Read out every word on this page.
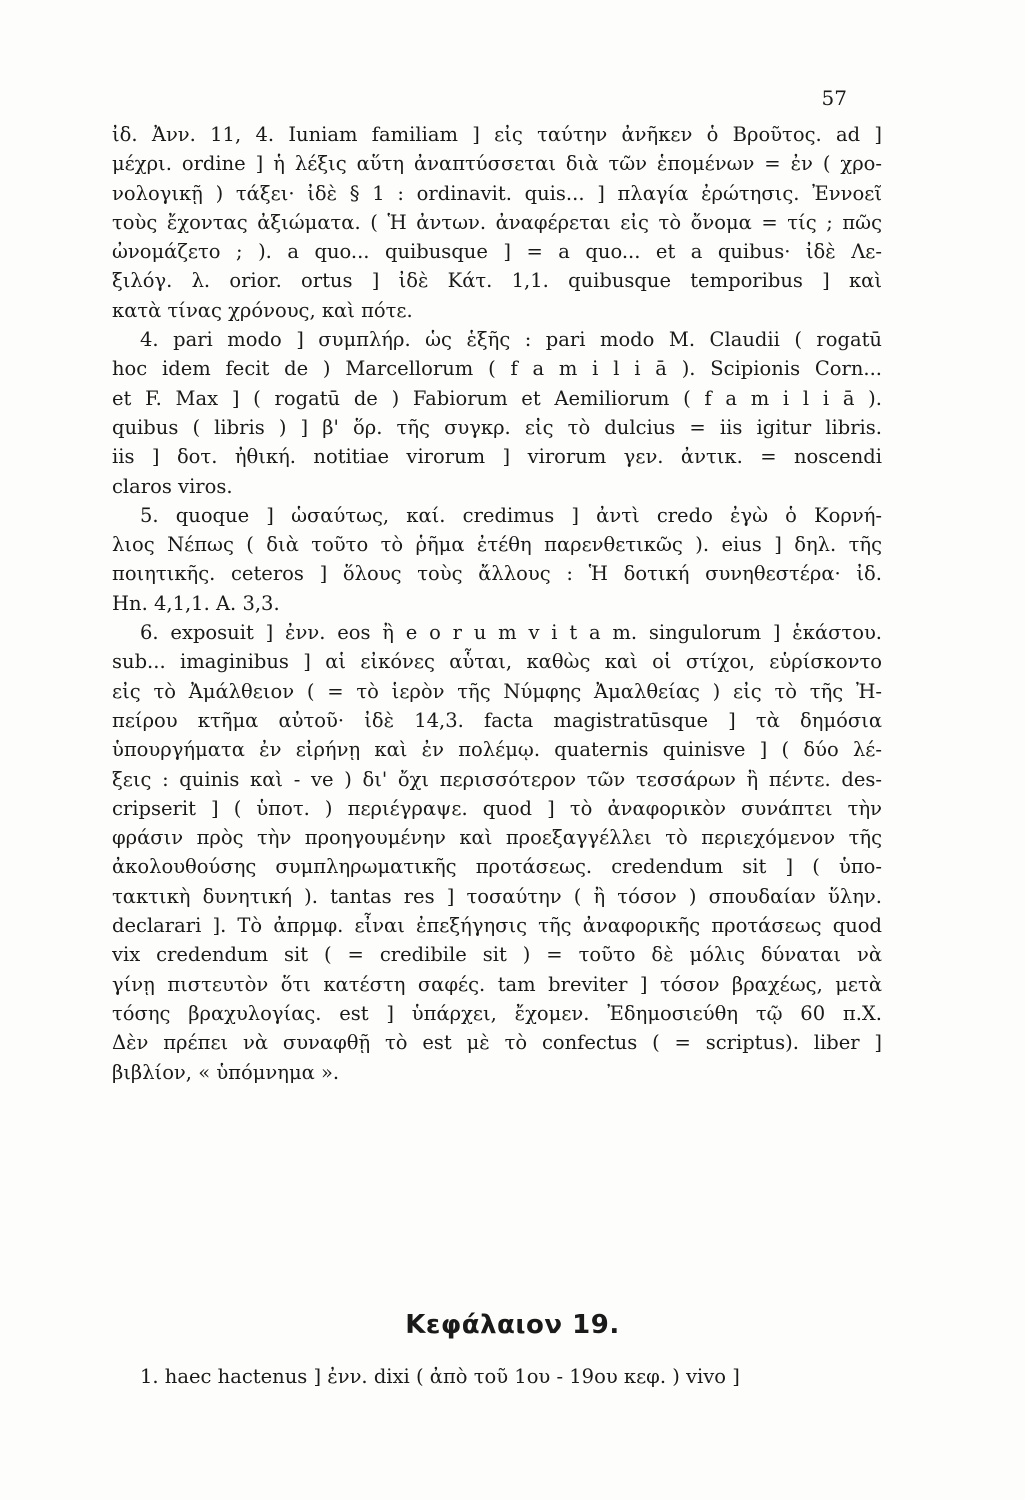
57
ἰδ. Ἀνν. 11, 4. Iuniam familiam ] εἰς ταύτην ἀνῆκεν ὁ Βροῦτος. ad ]
μέχρι. ordine ] ἡ λέξις αὕτη ἀναπτύσσεται διὰ τῶν ἑπομένων = ἐν ( χρο-
νολογικῇ ) τάξει· ἰδὲ § 1 : ordinavit. quis... ] πλαγία ἐρώτησις. Ἐννοεῖ
τοὺς ἔχοντας ἀξιώματα. ( Ἡ ἀντων. ἀναφέρεται εἰς τὸ ὄνομα = τίς ; πῶς
ὠνομάζετο ; ). a quo... quibusque ] = a quo... et a quibus· ἰδὲ Λε-
ξιλόγ. λ. orior. ortus ] ἰδὲ Κάτ. 1,1. quibusque temporibus ] καὶ
κατὰ τίνας χρόνους, καὶ πότε.
4. pari modo ] συμπλήρ. ὡς ἑξῆς : pari modo M. Claudii ( rogatū
hoc idem fecit de ) Marcellorum ( f a m i l i ā ). Scipionis Corn...
et F. Max ] ( rogatū de ) Fabiorum et Aemiliorum ( f a m i l i ā ).
quibus ( libris ) ] β' ὅρ. τῆς συγκρ. εἰς τὸ dulcius = iis igitur libris.
iis ] δοτ. ἠθική. notitiae virorum ] virorum γεν. ἀντικ. = noscendi
claros viros.
5. quoque ] ὡσαύτως, καί. credimus ] ἀντὶ credo ἐγὼ ὁ Κορνή-
λιος Νέπως ( διὰ τοῦτο τὸ ῥῆμα ἐτέθη παρενθετικῶς ). eius ] δηλ. τῆς
ποιητικῆς. ceteros ] ὅλους τοὺς ἄλλους : Ἡ δοτική συνηθεστέρα· ἰδ.
Hn. 4,1,1. A. 3,3.
6. exposuit ] ἐνν. eos ἢ e o r u m v i t a m. singulorum ] ἑκάστου.
sub... imaginibus ] αἱ εἰκόνες αὗται, καθὼς καὶ οἱ στίχοι, εὑρίσκοντο
εἰς τὸ Ἀμάλθειον ( = τὸ ἱερὸν τῆς Νύμφης Ἀμαλθείας ) εἰς τὸ τῆς Ἠ-
πείρου κτῆμα αὐτοῦ· ἰδὲ 14,3. facta magistratūsque ] τὰ δημόσια
ὑπουργήματα ἐν εἰρήνῃ καὶ ἐν πολέμῳ. quaternis quinisve ] ( δύο λέ-
ξεις : quinis καὶ - ve ) δι' ὄχι περισσότερον τῶν τεσσάρων ἢ πέντε. des-
cripserit ] ( ὑποτ. ) περιέγραψε. quod ] τὸ ἀναφορικὸν συνάπτει τὴν
φράσιν πρὸς τὴν προηγουμένην καὶ προεξαγγέλλει τὸ περιεχόμενον τῆς
ἀκολουθούσης συμπληρωματικῆς προτάσεως. credendum sit ] ( ὑπο-
τακτικὴ δυνητική ). tantas res ] τοσαύτην ( ἢ τόσον ) σπουδαίαν ὕλην.
declarari ]. Τὸ ἀπρμφ. εἶναι ἐπεξήγησις τῆς ἀναφορικῆς προτάσεως quod
vix credendum sit ( = credibile sit ) = τοῦτο δὲ μόλις δύναται νὰ
γίνῃ πιστευτὸν ὅτι κατέστη σαφές. tam breviter ] τόσον βραχέως, μετὰ
τόσης βραχυλογίας. est ] ὑπάρχει, ἔχομεν. Ἐδημοσιεύθη τῷ 60 π.Χ.
Δὲν πρέπει νὰ συναφθῇ τὸ est μὲ τὸ confectus ( = scriptus). liber ]
βιβλίον, « ὑπόμνημα ».
Κεφάλαιον 19.
1. haec hactenus ] ἐνν. dixi ( ἀπὸ τοῦ 1ου - 19ου κεφ. ) vivo ]
